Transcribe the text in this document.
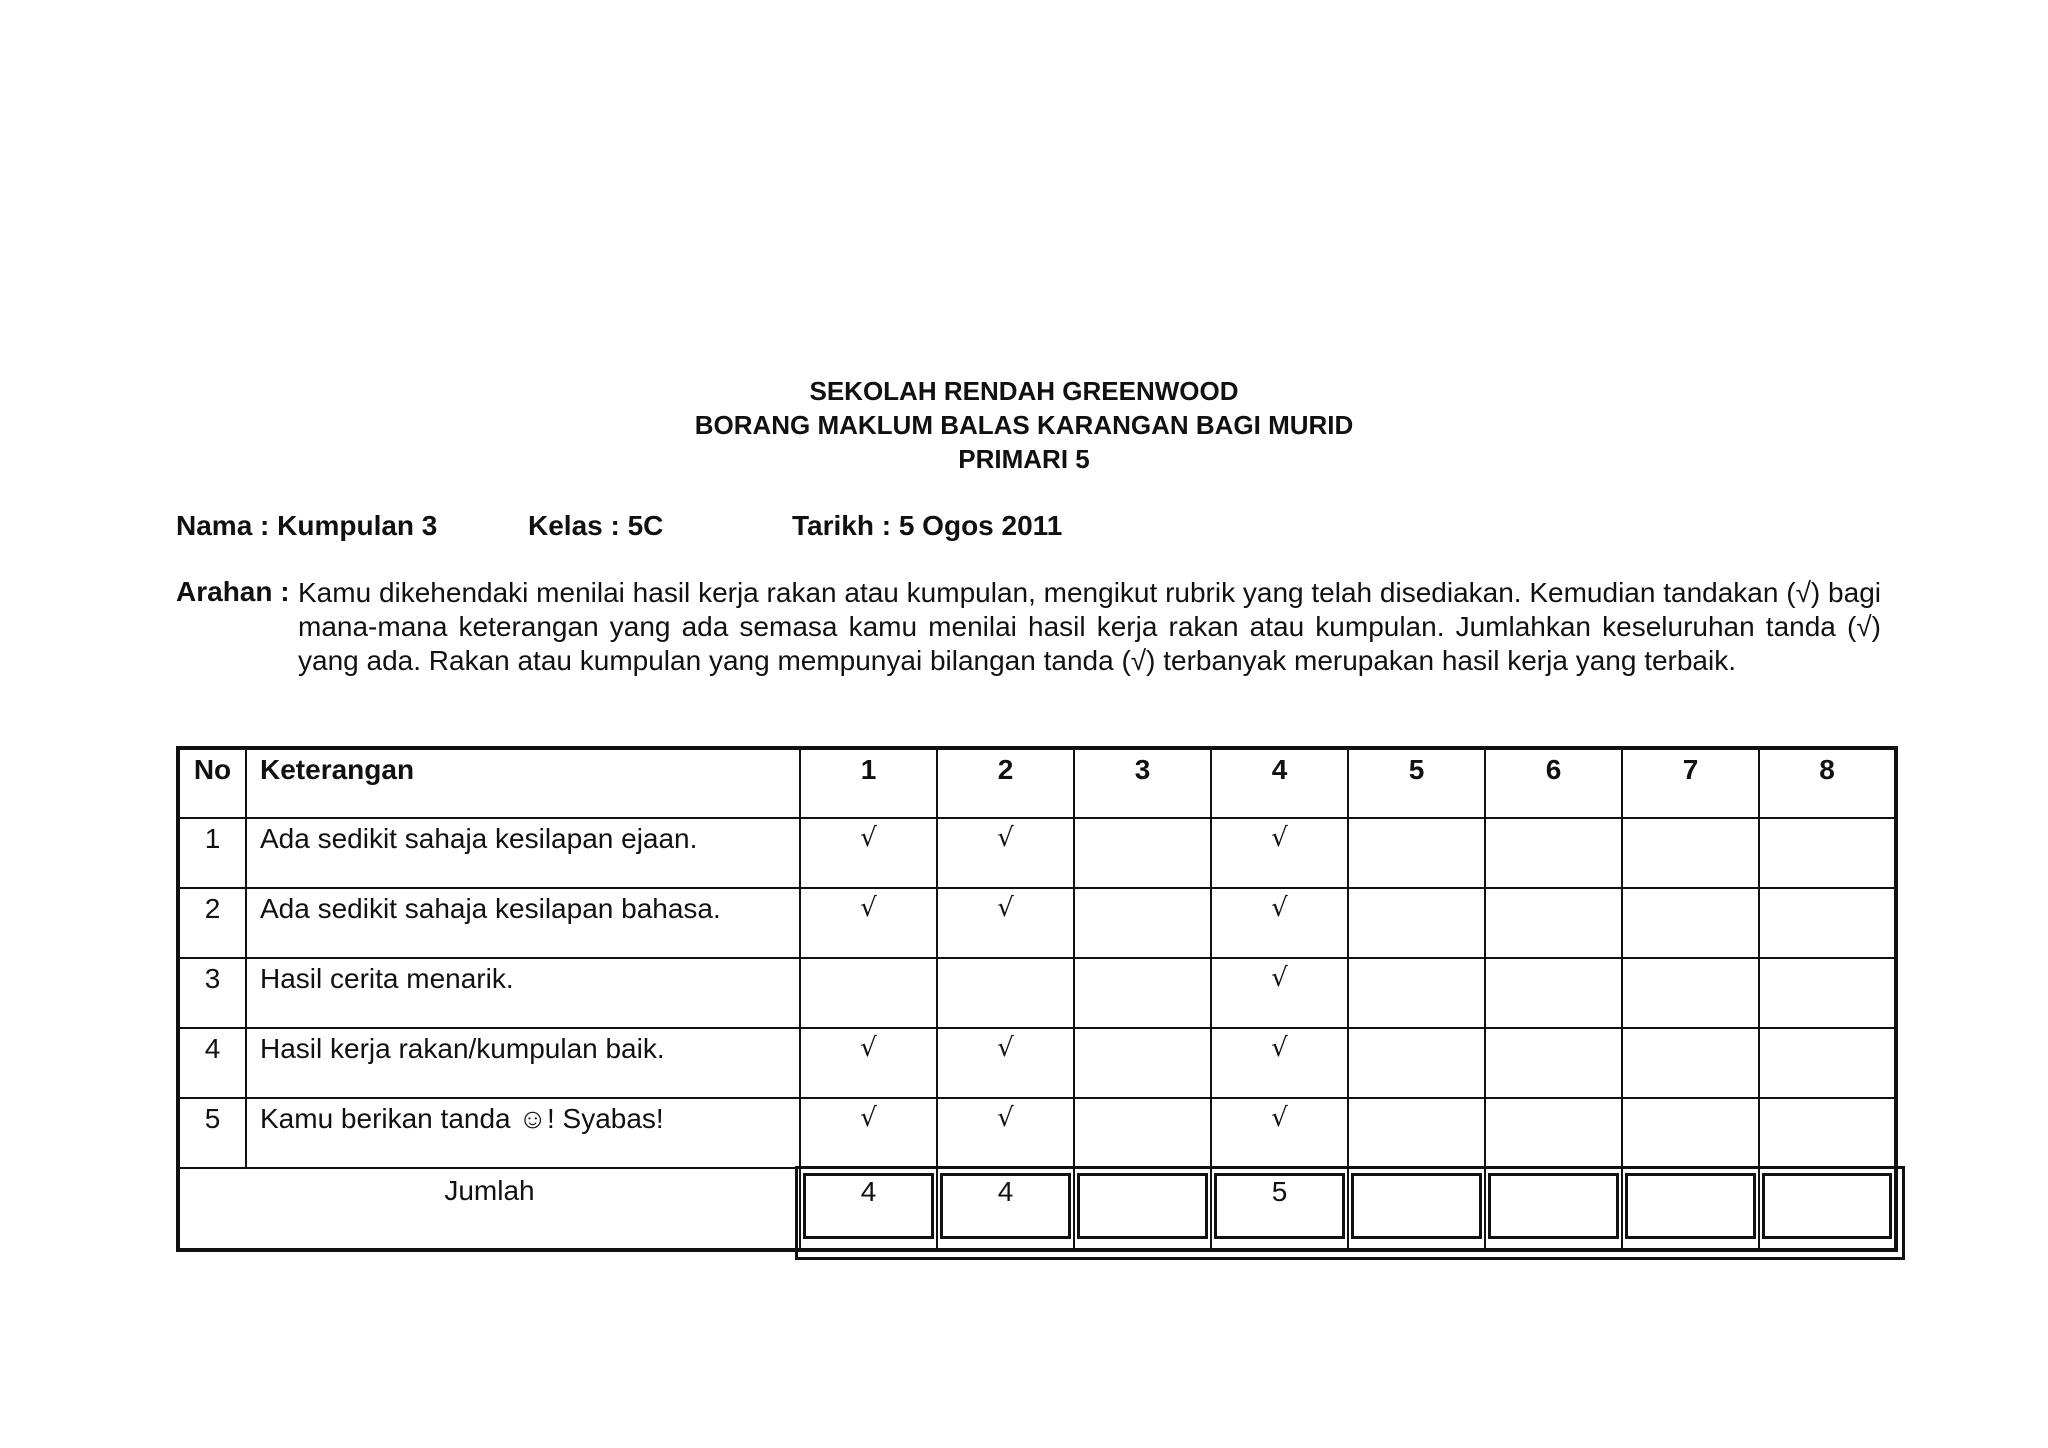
SEKOLAH RENDAH GREENWOOD
BORANG MAKLUM BALAS KARANGAN BAGI MURID
PRIMARI 5
Nama : Kumpulan 3	Kelas : 5C	Tarikh : 5 Ogos 2011
Arahan : Kamu dikehendaki menilai hasil kerja rakan atau kumpulan, mengikut rubrik yang telah disediakan. Kemudian tandakan (√) bagi mana-mana keterangan yang ada semasa kamu menilai hasil kerja rakan atau kumpulan. Jumlahkan keseluruhan tanda (√) yang ada. Rakan atau kumpulan yang mempunyai bilangan tanda (√) terbanyak merupakan hasil kerja yang terbaik.
No	Keterangan	1	2	3	4	5	6	7	8
1	Ada sedikit sahaja kesilapan ejaan.	√	√		√				
2	Ada sedikit sahaja kesilapan bahasa.	√	√		√				
3	Hasil cerita menarik.				√				
4	Hasil kerja rakan/kumpulan baik.	√	√		√				
5	Kamu berikan tanda ☺! Syabas!	√	√		√				
Jumlah		4	4		5				
